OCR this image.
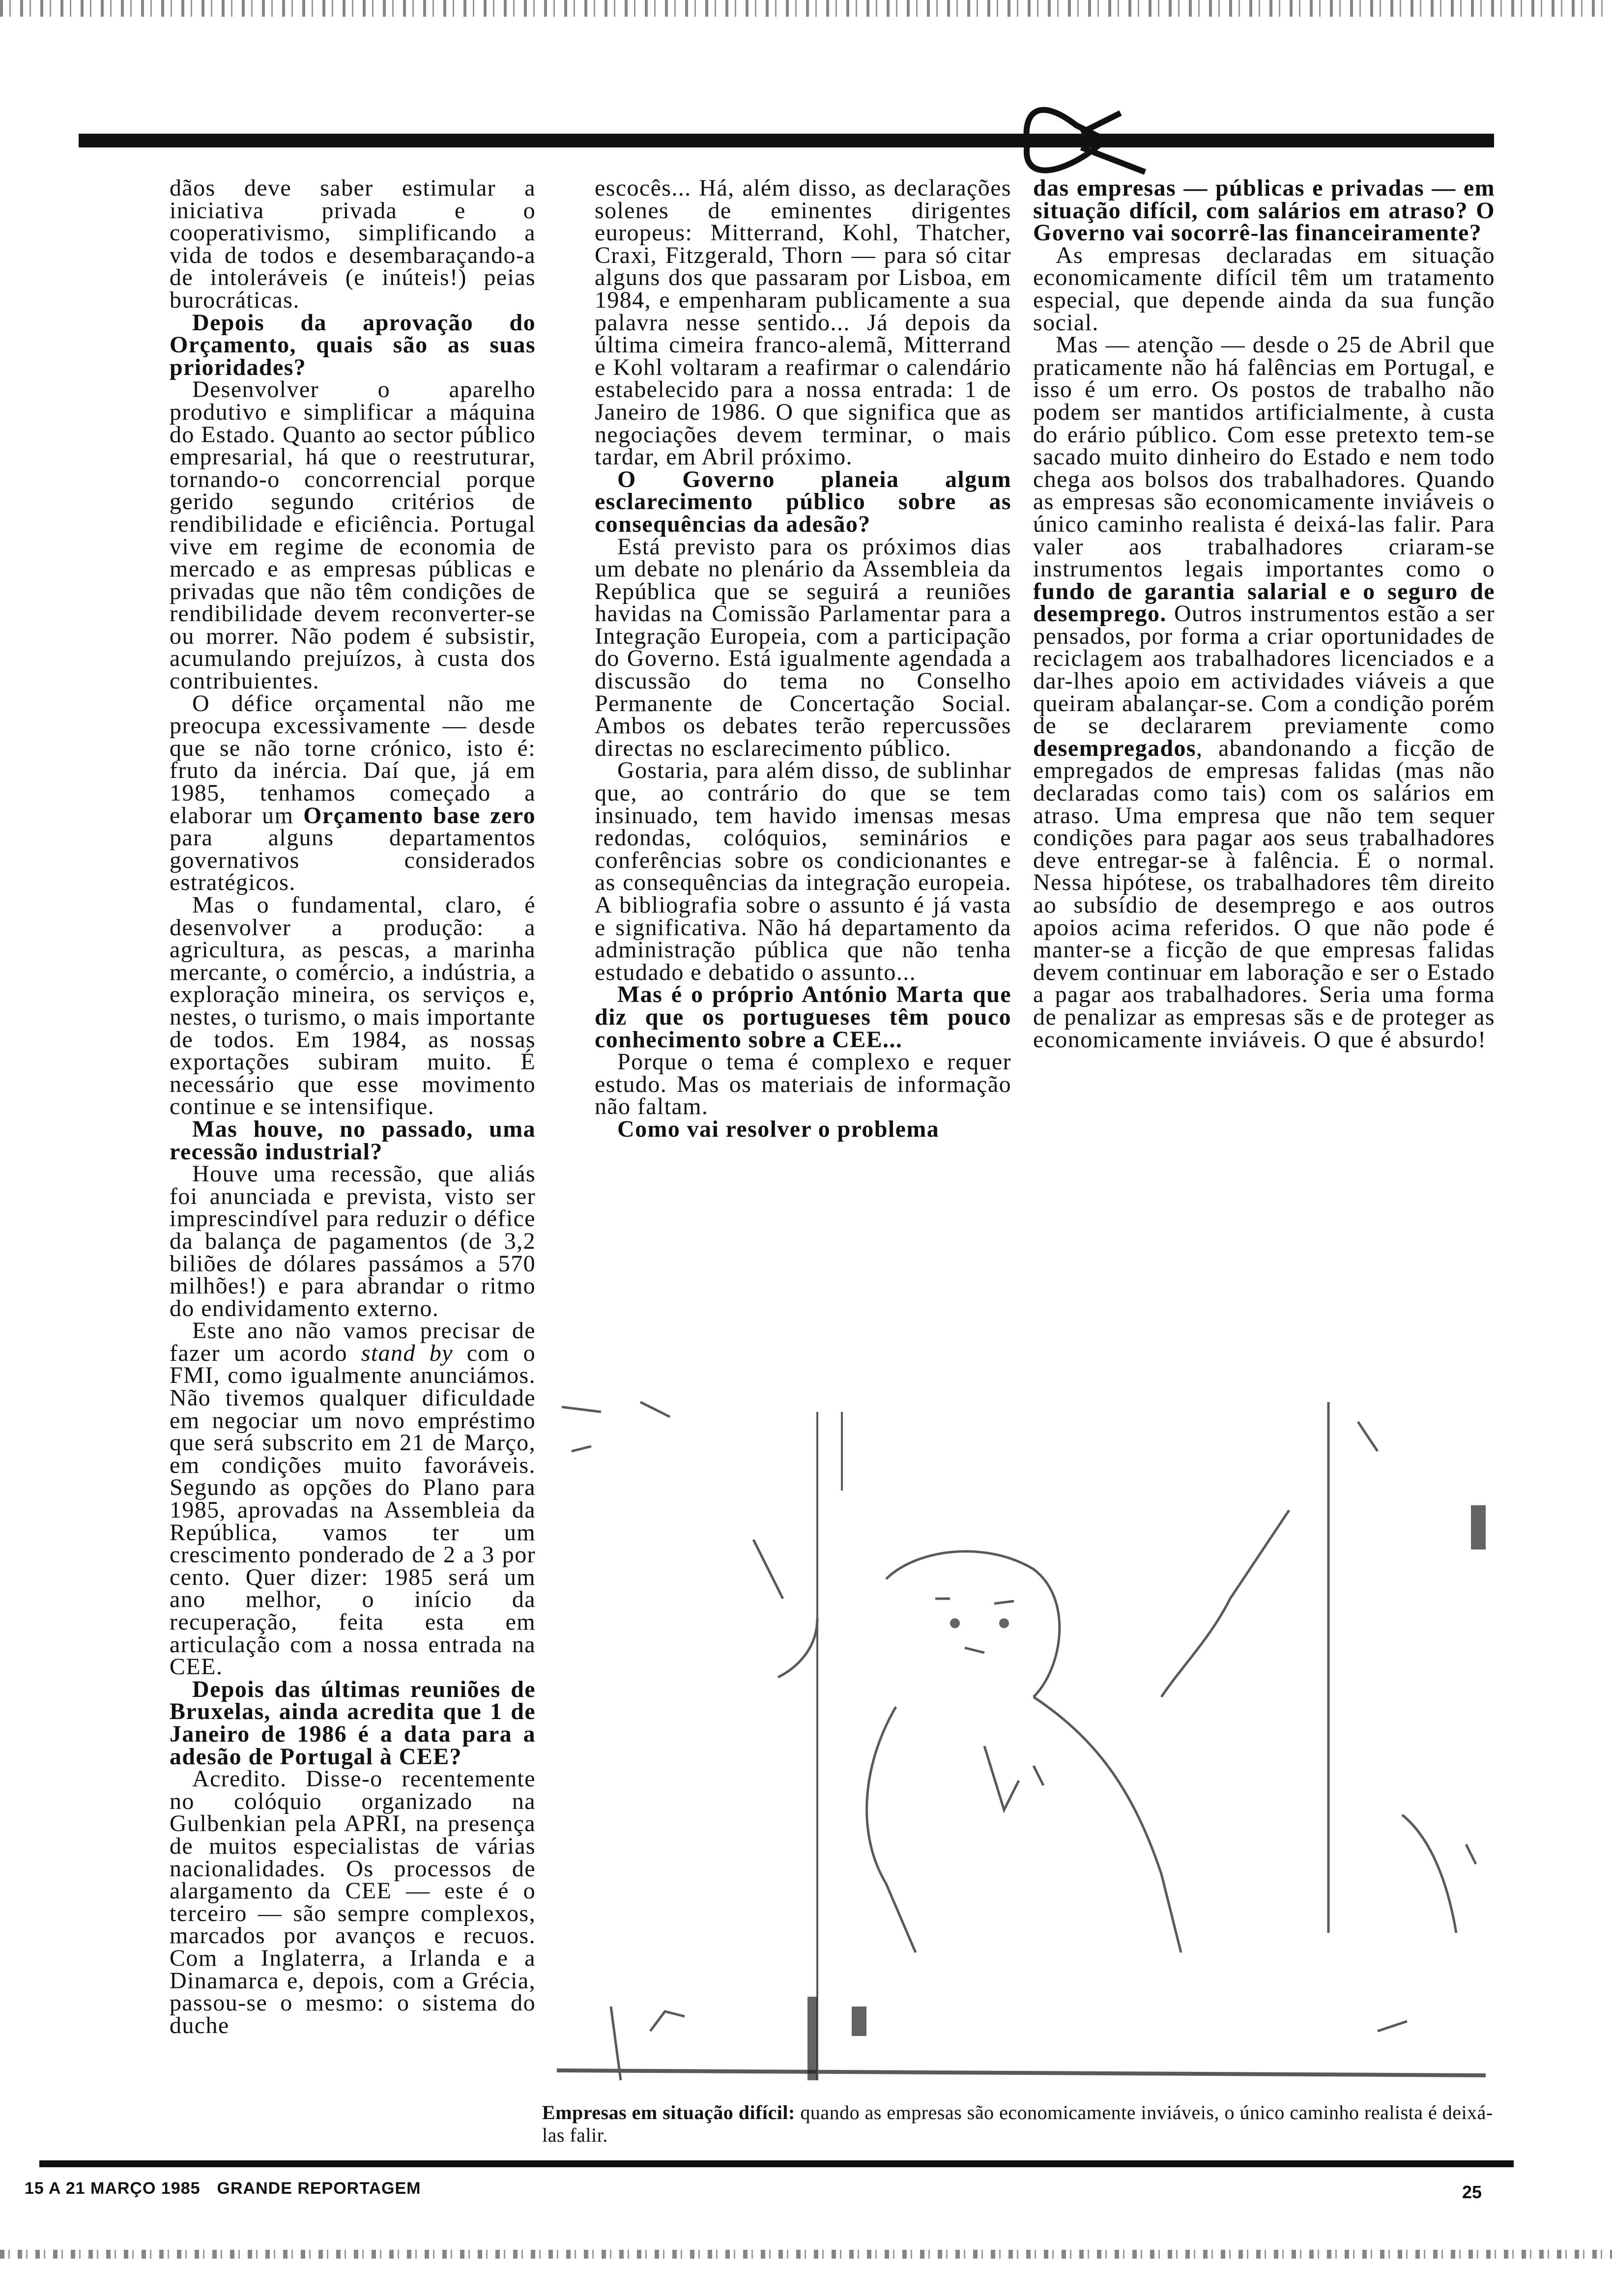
dãos deve saber estimular a iniciativa privada e o cooperativismo, simplificando a vida de todos e desembaraçando-a de intoleráveis (e inúteis!) peias burocráticas.

Depois da aprovação do Orçamento, quais são as suas prioridades?

Desenvolver o aparelho produtivo e simplificar a máquina do Estado. Quanto ao sector público empresarial, há que o reestruturar, tornando-o concorrencial porque gerido segundo critérios de rendibilidade e eficiência. Portugal vive em regime de economia de mercado e as empresas públicas e privadas que não têm condições de rendibilidade devem reconverter-se ou morrer. Não podem é subsistir, acumulando prejuízos, à custa dos contribuientes.

O défice orçamental não me preocupa excessivamente — desde que se não torne crónico, isto é: fruto da inércia. Daí que, já em 1985, tenhamos começado a elaborar um Orçamento base zero para alguns departamentos governativos considerados estratégicos.

Mas o fundamental, claro, é desenvolver a produção: a agricultura, as pescas, a marinha mercante, o comércio, a indústria, a exploração mineira, os serviços e, nestes, o turismo, o mais importante de todos. Em 1984, as nossas exportações subiram muito. É necessário que esse movimento continue e se intensifique.

Mas houve, no passado, uma recessão industrial?

Houve uma recessão, que aliás foi anunciada e prevista, visto ser imprescindível para reduzir o défice da balança de pagamentos (de 3,2 biliões de dólares passámos a 570 milhões!) e para abrandar o ritmo do endividamento externo.

Este ano não vamos precisar de fazer um acordo stand by com o FMI, como igualmente anunciámos. Não tivemos qualquer dificuldade em negociar um novo empréstimo que será subscrito em 21 de Março, em condições muito favoráveis. Segundo as opções do Plano para 1985, aprovadas na Assembleia da República, vamos ter um crescimento ponderado de 2 a 3 por cento. Quer dizer: 1985 será um ano melhor, o início da recuperação, feita esta em articulação com a nossa entrada na CEE.

Depois das últimas reuniões de Bruxelas, ainda acredita que 1 de Janeiro de 1986 é a data para a adesão de Portugal à CEE?

Acredito. Disse-o recentemente no colóquio organizado na Gulbenkian pela APRI, na presença de muitos especialistas de várias nacionalidades. Os processos de alargamento da CEE — este é o terceiro — são sempre complexos, marcados por avanços e recuos. Com a Inglaterra, a Irlanda e a Dinamarca e, depois, com a Grécia, passou-se o mesmo: o sistema do duche

escocês... Há, além disso, as declarações solenes de eminentes dirigentes europeus: Mitterrand, Kohl, Thatcher, Craxi, Fitzgerald, Thorn — para só citar alguns dos que passaram por Lisboa, em 1984, e empenharam publicamente a sua palavra nesse sentido... Já depois da última cimeira franco-alemã, Mitterrand e Kohl voltaram a reafirmar o calendário estabelecido para a nossa entrada: 1 de Janeiro de 1986. O que significa que as negociações devem terminar, o mais tardar, em Abril próximo.

O Governo planeia algum esclarecimento público sobre as consequências da adesão?

Está previsto para os próximos dias um debate no plenário da Assembleia da República que se seguirá a reuniões havidas na Comissão Parlamentar para a Integração Europeia, com a participação do Governo. Está igualmente agendada a discussão do tema no Conselho Permanente de Concertação Social. Ambos os debates terão repercussões directas no esclarecimento público.

Gostaria, para além disso, de sublinhar que, ao contrário do que se tem insinuado, tem havido imensas mesas redondas, colóquios, seminários e conferências sobre os condicionantes e as consequências da integração europeia. A bibliografia sobre o assunto é já vasta e significativa. Não há departamento da administração pública que não tenha estudado e debatido o assunto...

Mas é o próprio António Marta que diz que os portugueses têm pouco conhecimento sobre a CEE...

Porque o tema é complexo e requer estudo. Mas os materiais de informação não faltam.

Como vai resolver o problema

das empresas — públicas e privadas — em situação difícil, com salários em atraso? O Governo vai socorrê-las financeiramente?

As empresas declaradas em situação economicamente difícil têm um tratamento especial, que depende ainda da sua função social.

Mas — atenção — desde o 25 de Abril que praticamente não há falências em Portugal, e isso é um erro. Os postos de trabalho não podem ser mantidos artificialmente, à custa do erário público. Com esse pretexto tem-se sacado muito dinheiro do Estado e nem todo chega aos bolsos dos trabalhadores. Quando as empresas são economicamente inviáveis o único caminho realista é deixá-las falir. Para valer aos trabalhadores criaram-se instrumentos legais importantes como o fundo de garantia salarial e o seguro de desemprego. Outros instrumentos estão a ser pensados, por forma a criar oportunidades de reciclagem aos trabalhadores licenciados e a dar-lhes apoio em actividades viáveis a que queiram abalançar-se. Com a condição porém de se declararem previamente como desempregados, abandonando a ficção de empregados de empresas falidas (mas não declaradas como tais) com os salários em atraso. Uma empresa que não tem sequer condições para pagar aos seus trabalhadores deve entregar-se à falência. É o normal. Nessa hipótese, os trabalhadores têm direito ao subsídio de desemprego e aos outros apoios acima referidos. O que não pode é manter-se a ficção de que empresas falidas devem continuar em laboração e ser o Estado a pagar aos trabalhadores. Seria uma forma de penalizar as empresas sãs e de proteger as economicamente inviáveis. O que é absurdo!

Empresas em situação difícil: quando as empresas são economicamente inviáveis, o único caminho realista é deixá-las falir.
15 A 21 MARÇO 1985 GRANDE REPORTAGEM	25
